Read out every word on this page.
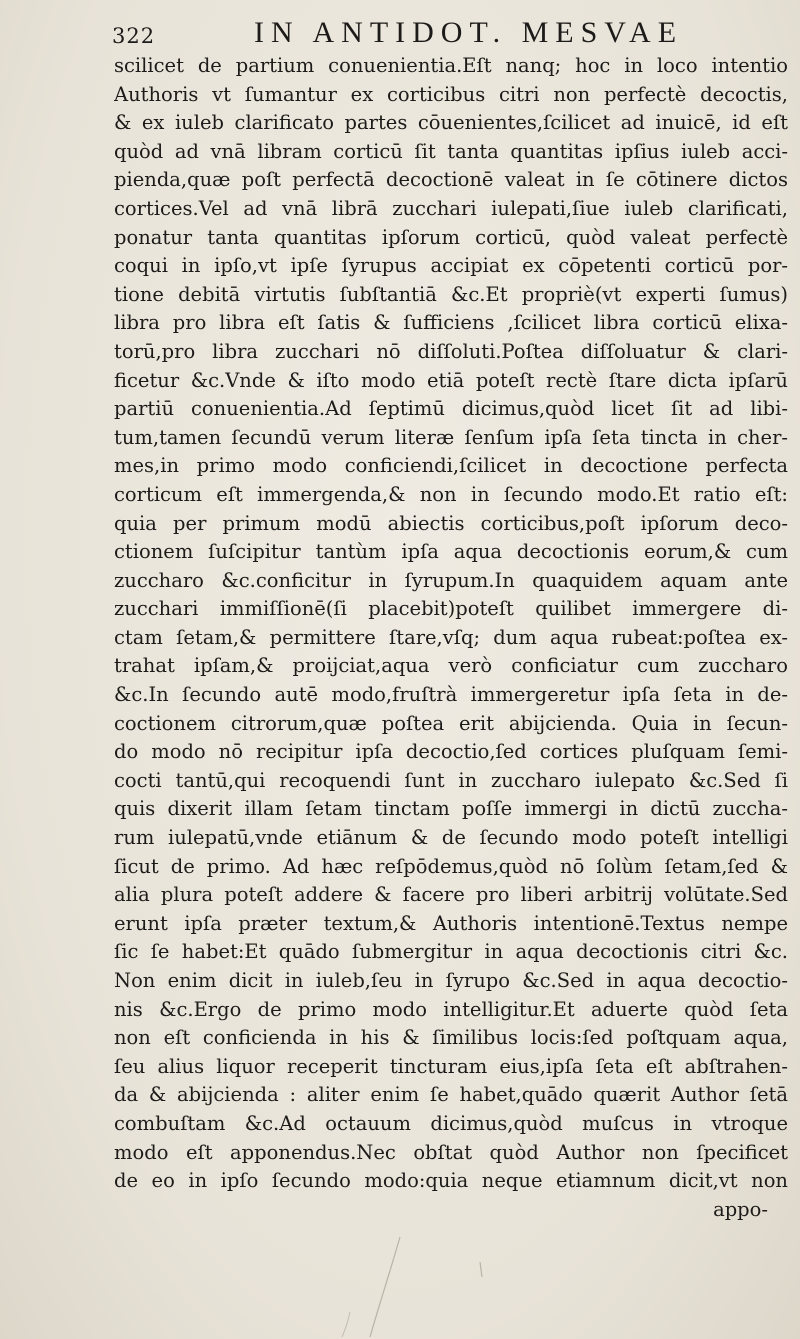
322	IN ANTIDOT. MESVAE
scilicet de partium conuenientia.Eſt nanq; hoc in loco intentio
Authoris vt ſumantur ex corticibus citri non perfectè decoctis,
& ex iuleb clarificato partes cōuenientes,ſcilicet ad inuicē, id eſt
quòd ad vnā libram corticū ſit tanta quantitas ipſius iuleb acci-
pienda,quæ poſt perfectā decoctionē valeat in ſe cōtinere dictos
cortices.Vel ad vnā librā zucchari iulepati,ſiue iuleb clarificati,
ponatur tanta quantitas ipſorum corticū, quòd valeat perfectè
coqui in ipſo,vt ipſe ſyrupus accipiat ex cōpetenti corticū por-
tione debitā virtutis ſubſtantiā &c.Et propriè(vt experti ſumus)
libra pro libra eſt ſatis & ſufficiens ,ſcilicet libra corticū elixa-
torū,pro libra zucchari nō diſſoluti.Poſtea diſſoluatur & clari-
ficetur &c.Vnde & iſto modo etiā poteſt rectè ſtare dicta ipſarū
partiū conuenientia.Ad ſeptimū dicimus,quòd licet ſit ad libi-
tum,tamen ſecundū verum literæ ſenſum ipſa ſeta tincta in cher-
mes,in primo modo conficiendi,ſcilicet in decoctione perfecta
corticum eſt immergenda,& non in ſecundo modo.Et ratio eſt:
quia per primum modū abiectis corticibus,poſt ipſorum deco-
ctionem ſuſcipitur tantùm ipſa aqua decoctionis eorum,& cum
zuccharo &c.conficitur in ſyrupum.In quaquidem aquam ante
zucchari immiſſionē(ſi placebit)poteſt quilibet immergere di-
ctam ſetam,& permittere ſtare,vſq; dum aqua rubeat:poſtea ex-
trahat ipſam,& proijciat,aqua verò conficiatur cum zuccharo
&c.In ſecundo autē modo,fruſtrà immergeretur ipſa ſeta in de-
coctionem citrorum,quæ poſtea erit abijcienda. Quia in ſecun-
do modo nō recipitur ipſa decoctio,ſed cortices pluſquam ſemi-
cocti tantū,qui recoquendi ſunt in zuccharo iulepato &c.Sed ſi
quis dixerit illam ſetam tinctam poſſe immergi in dictū zuccha-
rum iulepatū,vnde etiānum & de ſecundo modo poteſt intelligi
ſicut de primo. Ad hæc reſpōdemus,quòd nō ſolùm ſetam,ſed &
alia plura poteſt addere & facere pro liberi arbitrij volūtate.Sed
erunt ipſa præter textum,& Authoris intentionē.Textus nempe
ſic ſe habet:Et quādo ſubmergitur in aqua decoctionis citri &c.
Non enim dicit in iuleb,ſeu in ſyrupo &c.Sed in aqua decoctio-
nis &c.Ergo de primo modo intelligitur.Et aduerte quòd ſeta
non eſt conficienda in his & ſimilibus locis:ſed poſtquam aqua,
ſeu alius liquor receperit tincturam eius,ipſa ſeta eſt abſtrahen-
da & abijcienda : aliter enim ſe habet,quādo quærit Author ſetā
combuſtam &c.Ad octauum dicimus,quòd muſcus in vtroque
modo eſt apponendus.Nec obſtat quòd Author non ſpecificet
de eo in ipſo ſecundo modo:quia neque etiamnum dicit,vt non
appo-
